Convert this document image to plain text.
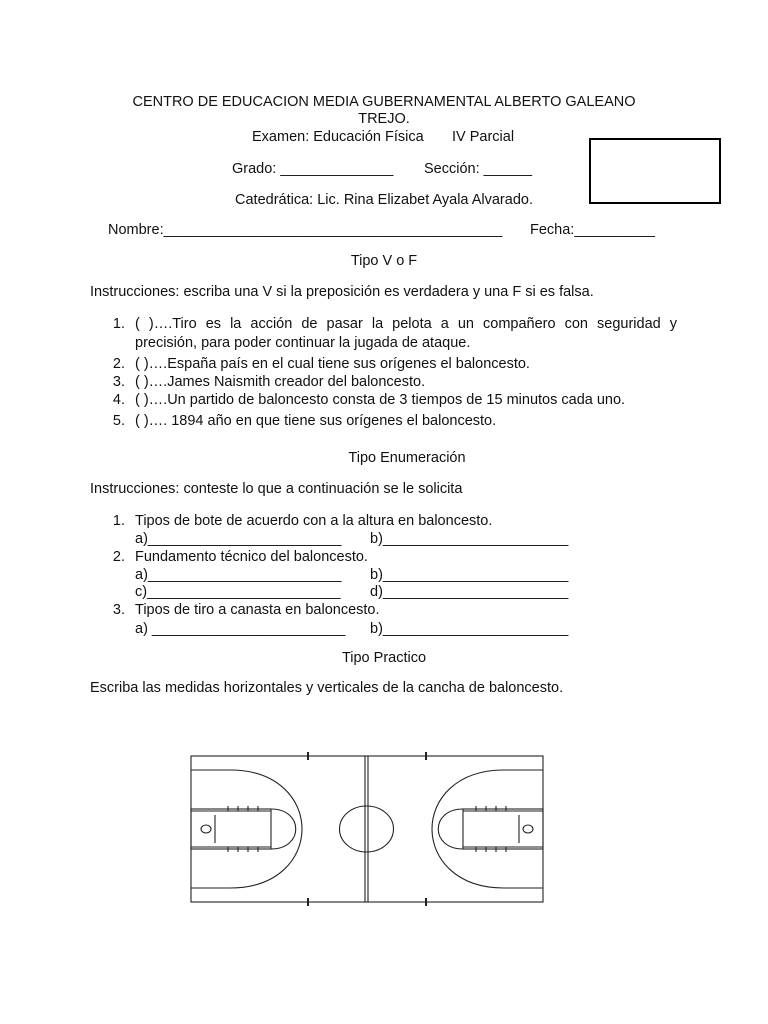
CENTRO DE EDUCACION MEDIA GUBERNAMENTAL ALBERTO GALEANO
TREJO.
Examen: Educación Física IV Parcial
Grado: ______________ Sección: ______
Catedrática: Lic. Rina Elizabet Ayala Alvarado.
Nombre:__________________________________________ Fecha:__________
Tipo V o F
Instrucciones: escriba una V si la preposición es verdadera y una F si es falsa.
1. ( )….Tiro es la acción de pasar la pelota a un compañero con seguridad y
precisión, para poder continuar la jugada de ataque.
2. ( )….España país en el cual tiene sus orígenes el baloncesto.
3. ( )….James Naismith creador del baloncesto.
4. ( )….Un partido de baloncesto consta de 3 tiempos de 15 minutos cada uno.
5. ( )…. 1894 año en que tiene sus orígenes el baloncesto.
Tipo Enumeración
Instrucciones: conteste lo que a continuación se le solicita
1. Tipos de bote de acuerdo con a la altura en baloncesto.
a)________________________ b)_______________________
2. Fundamento técnico del baloncesto.
a)________________________ b)_______________________
c)________________________ d)_______________________
3. Tipos de tiro a canasta en baloncesto.
a) ________________________ b)_______________________
Tipo Practico
Escriba las medidas horizontales y verticales de la cancha de baloncesto.
